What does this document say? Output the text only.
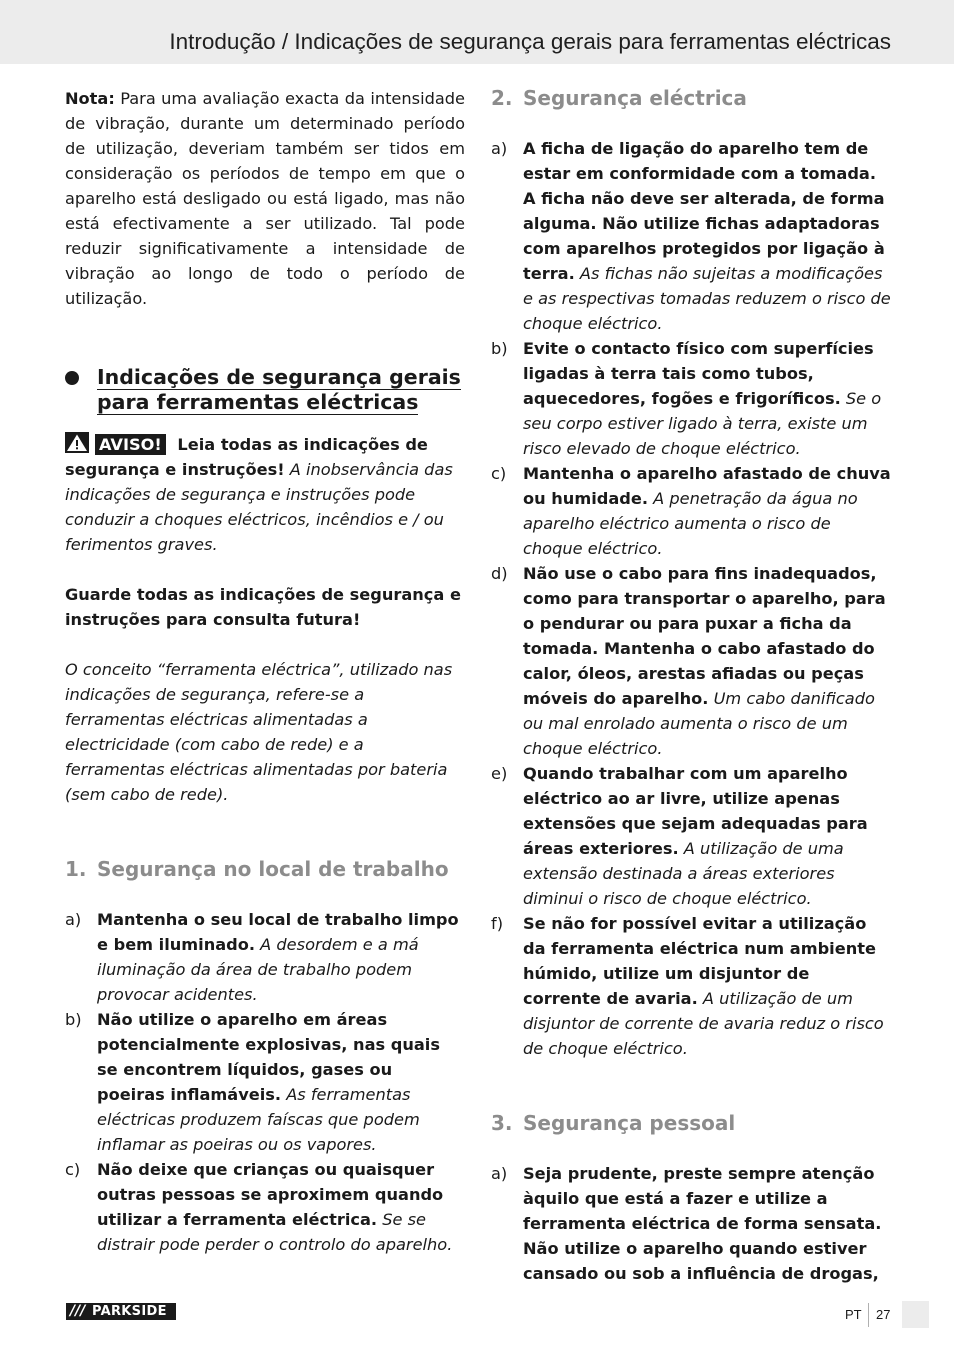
Introdução / Indicações de segurança gerais para ferramentas eléctricas

Nota: Para uma avaliação exacta da intensidade de vibração, durante um determinado período de utilização, deveriam também ser tidos em consideração os períodos de tempo em que o aparelho está desligado ou está ligado, mas não está efectivamente a ser utilizado. Tal pode reduzir significativamente a intensidade de vibração ao longo de todo o período de utilização.

Indicações de segurança gerais
para ferramentas eléctricas

AVISO! Leia todas as indicações de segurança e instruções! A inobservância das indicações de segurança e instruções pode conduzir a choques eléctricos, incêndios e / ou ferimentos graves.

Guarde todas as indicações de segurança e instruções para consulta futura!

O conceito “ferramenta eléctrica”, utilizado nas indicações de segurança, refere-se a ferramentas eléctricas alimentadas a electricidade (com cabo de rede) e a ferramentas eléctricas alimentadas por bateria (sem cabo de rede).

1. Segurança no local de trabalho
a) Mantenha o seu local de trabalho limpo e bem iluminado. A desordem e a má iluminação da área de trabalho podem provocar acidentes.
b) Não utilize o aparelho em áreas potencialmente explosivas, nas quais se encontrem líquidos, gases ou poeiras inflamáveis. As ferramentas eléctricas produzem faíscas que podem inflamar as poeiras ou os vapores.
c) Não deixe que crianças ou quaisquer outras pessoas se aproximem quando utilizar a ferramenta eléctrica. Se se distrair pode perder o controlo do aparelho.
2. Segurança eléctrica
a) A ficha de ligação do aparelho tem de estar em conformidade com a tomada. A ficha não deve ser alterada, de forma alguma. Não utilize fichas adaptadoras com aparelhos protegidos por ligação à terra. As fichas não sujeitas a modificações e as respectivas tomadas reduzem o risco de choque eléctrico.
b) Evite o contacto físico com superfícies ligadas à terra tais como tubos, aquecedores, fogões e frigoríficos. Se o seu corpo estiver ligado à terra, existe um risco elevado de choque eléctrico.
c) Mantenha o aparelho afastado de chuva ou humidade. A penetração da água no aparelho eléctrico aumenta o risco de choque eléctrico.
d) Não use o cabo para fins inadequados, como para transportar o aparelho, para o pendurar ou para puxar a ficha da tomada. Mantenha o cabo afastado do calor, óleos, arestas afiadas ou peças móveis do aparelho. Um cabo danificado ou mal enrolado aumenta o risco de um choque eléctrico.
e) Quando trabalhar com um aparelho eléctrico ao ar livre, utilize apenas extensões que sejam adequadas para áreas exteriores. A utilização de uma extensão destinada a áreas exteriores diminui o risco de choque eléctrico.
f) Se não for possível evitar a utilização da ferramenta eléctrica num ambiente húmido, utilize um disjuntor de corrente de avaria. A utilização de um disjuntor de corrente de avaria reduz o risco de choque eléctrico.
3. Segurança pessoal
a) Seja prudente, preste sempre atenção àquilo que está a fazer e utilize a ferramenta eléctrica de forma sensata. Não utilize o aparelho quando estiver cansado ou sob a influência de drogas,
/// PARKSIDE	PT 27
